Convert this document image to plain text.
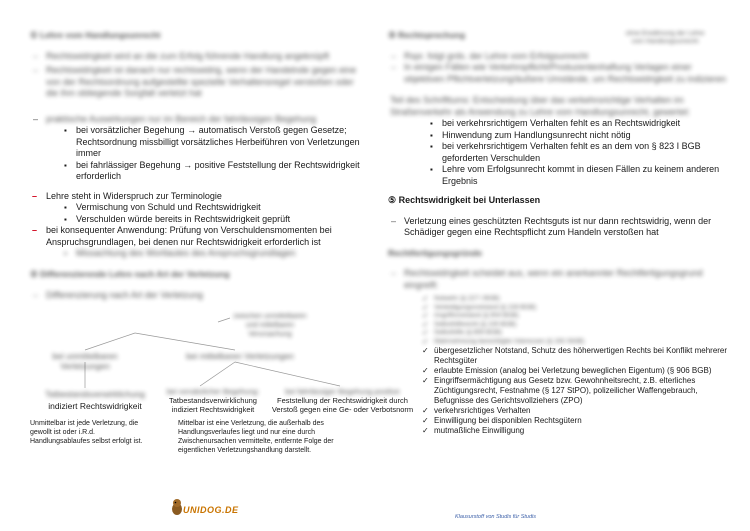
① Lehre vom Handlungsunrecht
– Rechtswidrigkeit wird an die zum Erfolg führende Handlung angeknüpft
– Rechtswidrigkeit ist danach nur rechtswidrig, wenn der Handelnde gegen eine von der Rechtsordnung aufgestellte spezielle Verhaltensregel verstoßen oder die ihm obliegende Sorgfalt verletzt hat
– praktische Auswirkungen nur im Bereich der fahrlässigen Begehung
▪ bei vorsätzlicher Begehung → automatisch Verstoß gegen Gesetze; Rechtsordnung missbilligt vorsätzliches Herbeiführen von Verletzungen immer
▪ bei fahrlässiger Begehung → positive Feststellung der Rechtswidrigkeit erforderlich
– Lehre steht in Widerspruch zur Terminologie
▪ Vermischung von Schuld und Rechtswidrigkeit
▪ Verschulden würde bereits in Rechtswidrigkeit geprüft
– bei konsequenter Anwendung: Prüfung von Verschuldensmomenten bei Anspruchsgrundlagen, bei denen nur Rechtswidrigkeit erforderlich ist
▪ Missachtung des Wortlautes des Anspruchsgrundlagen
② Differenzierende Lehre nach Art der Verletzung
– Differenzierung nach Art der Verletzung
zwischen unmittelbaren und mittelbaren Verursachung
bei unmittelbaren Verletzungen
bei mittelbaren Verletzungen
Tatbestandsverwirklichung
indiziert Rechtswidrigkeit
bei vorsätzlicher Begehung:
Tatbestandsverwirklichung
indiziert Rechtswidrigkeit
bei fahrlässiger Begehung positive
Feststellung der Rechtswidrigkeit durch
Verstoß gegen eine Ge- oder Verbotsnorm
Unmittelbar ist jede Verletzung, die gewollt ist oder i.R.d. Handlungsablaufes selbst erfolgt ist.
Mittelbar ist eine Verletzung, die außerhalb des Handlungsverlaufes liegt und nur eine durch Zwischenursachen vermittelte, entfernte Folge der eigentlichen Verletzungshandlung darstellt.
UNIDOG.DE
③ Rechtsprechung
– Rspr. folgt grds. der Lehre vom Erfolgsunrecht
– In einigen Fällen wie Verkehrspflicht/Produzentenhaftung Verlagen einer objektiven Pflichtverletzung/äußere Umstände, um Rechtswidrigkeit zu indizieren
Teil des Schrifttums: Entscheidung über das verkehrsrichtige Verhalten im Straßenverkehr als Anwendung zu Lehre vom Handlungsunrecht, gewertet:
▪ bei verkehrsrichtigem Verhalten fehlt es an Rechtswidrigkeit
▪ Hinwendung zum Handlungsunrecht nicht nötig
▪ bei verkehrsrichtigem Verhalten fehlt es an dem von § 823 I BGB geforderten Verschulden
▪ Lehre vom Erfolgsunrecht kommt in diesen Fällen zu keinem anderen Ergebnis
⑤ Rechtswidrigkeit bei Unterlassen
– Verletzung eines geschützten Rechtsguts ist nur dann rechtswidrig, wenn der Schädiger gegen eine Rechtspflicht zum Handeln verstoßen hat
Rechtfertigungsgründe
– Rechtswidrigkeit scheidet aus, wenn ein anerkannter Rechtfertigungsgrund eingreift:
✓ Notwehr (§ 227 I BGB)
✓ Verteidigungsnotstand (§ 228 BGB)
✓ Angriffsnotstand (§ 904 BGB)
✓ Selbsthilferecht (§ 229 BGB)
✓ Selbsthilfe (§ 859 BGB)
✓ Wahrnehmung berechtigter Interessen (§ 193 StGB)
✓ übergesetzlicher Notstand, Schutz des höherwertigen Rechts bei Konflikt mehrerer Rechtsgüter
✓ erlaubte Emission (analog bei Verletzung beweglichen Eigentum) (§ 906 BGB)
✓ Eingriffsermächtigung aus Gesetz bzw. Gewohnheitsrecht, z.B. elterliches Züchtigungsrecht, Festnahme (§ 127 StPO), polizeilicher Waffengebrauch, Befugnisse des Gerichtsvollziehers (ZPO)
✓ verkehrsrichtiges Verhalten
✓ Einwilligung bei disponiblen Rechtsgütern
✓ mutmaßliche Einwilligung
ohne Erwähnung der Lehre vom Handlungsunrecht
Klausurstoff von Studis für Studis
